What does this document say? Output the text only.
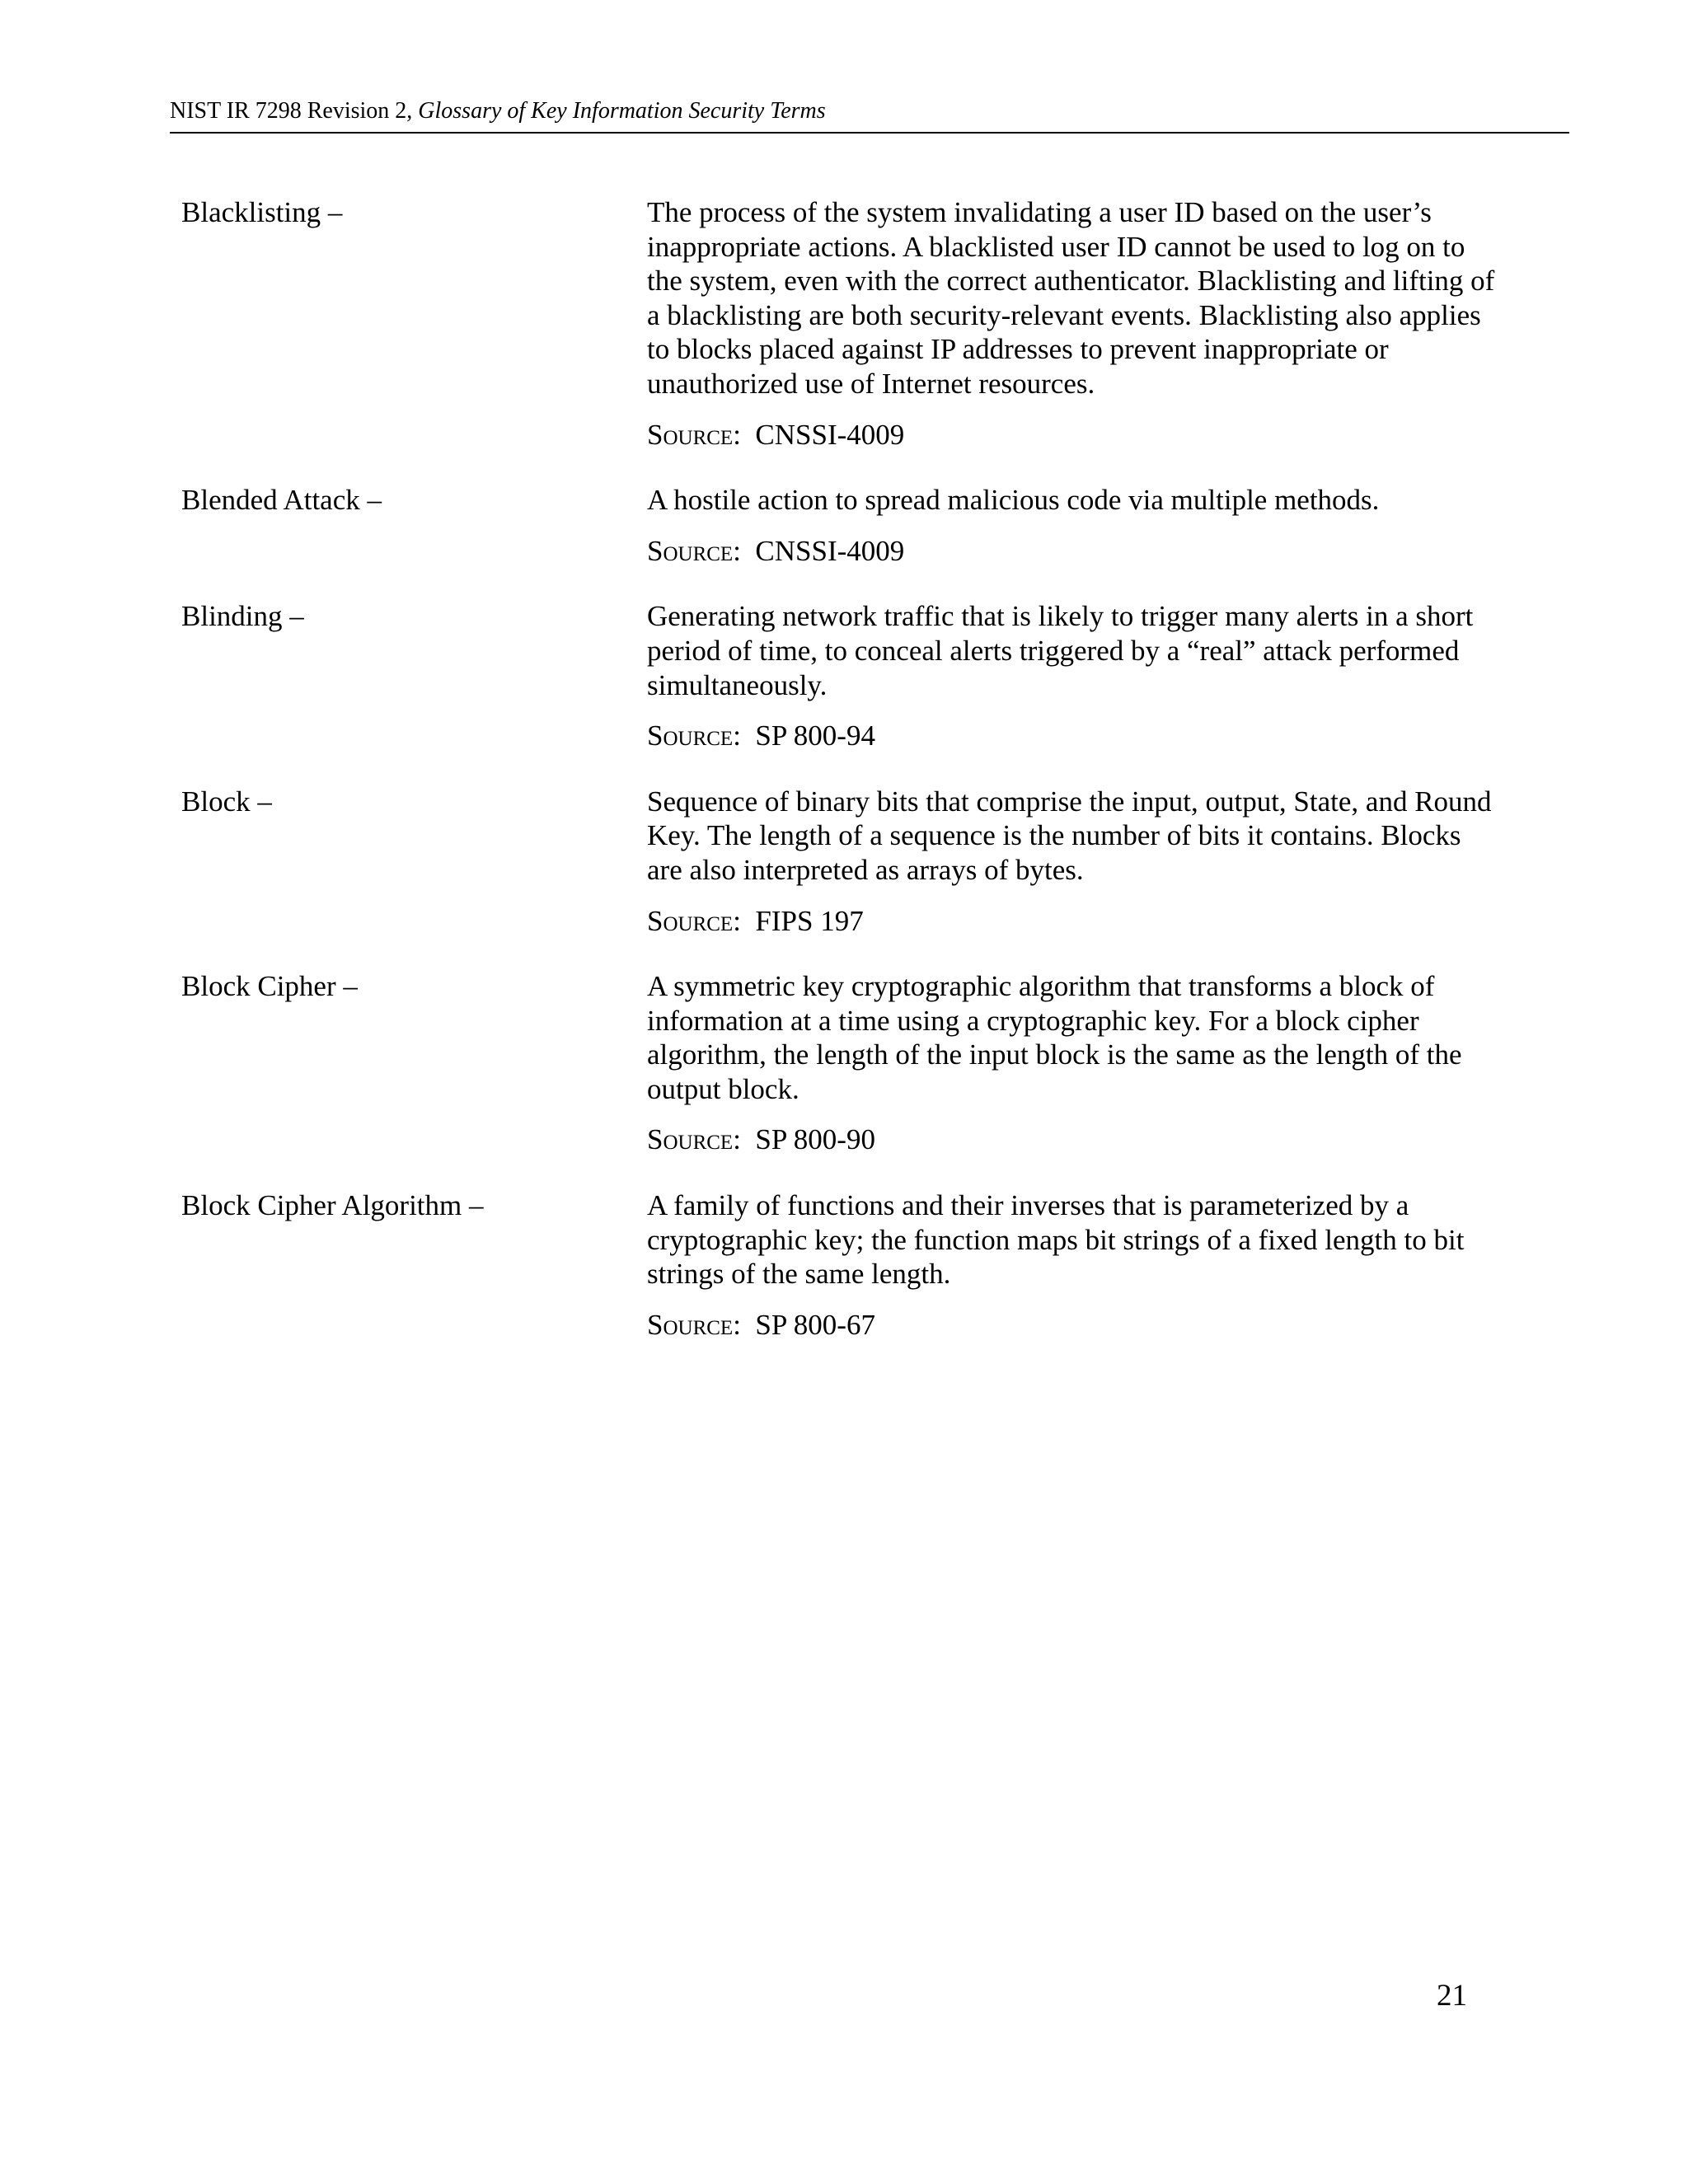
NIST IR 7298 Revision 2, Glossary of Key Information Security Terms
Blacklisting –	The process of the system invalidating a user ID based on the user’s inappropriate actions. A blacklisted user ID cannot be used to log on to the system, even with the correct authenticator. Blacklisting and lifting of a blacklisting are both security-relevant events. Blacklisting also applies to blocks placed against IP addresses to prevent inappropriate or unauthorized use of Internet resources.

Source: CNSSI-4009
Blended Attack –	A hostile action to spread malicious code via multiple methods.

Source: CNSSI-4009
Blinding –	Generating network traffic that is likely to trigger many alerts in a short period of time, to conceal alerts triggered by a “real” attack performed simultaneously.

Source: SP 800-94
Block –	Sequence of binary bits that comprise the input, output, State, and Round Key. The length of a sequence is the number of bits it contains. Blocks are also interpreted as arrays of bytes.

Source: FIPS 197
Block Cipher –	A symmetric key cryptographic algorithm that transforms a block of information at a time using a cryptographic key. For a block cipher algorithm, the length of the input block is the same as the length of the output block.

Source: SP 800-90
Block Cipher Algorithm –	A family of functions and their inverses that is parameterized by a cryptographic key; the function maps bit strings of a fixed length to bit strings of the same length.

Source: SP 800-67
21
